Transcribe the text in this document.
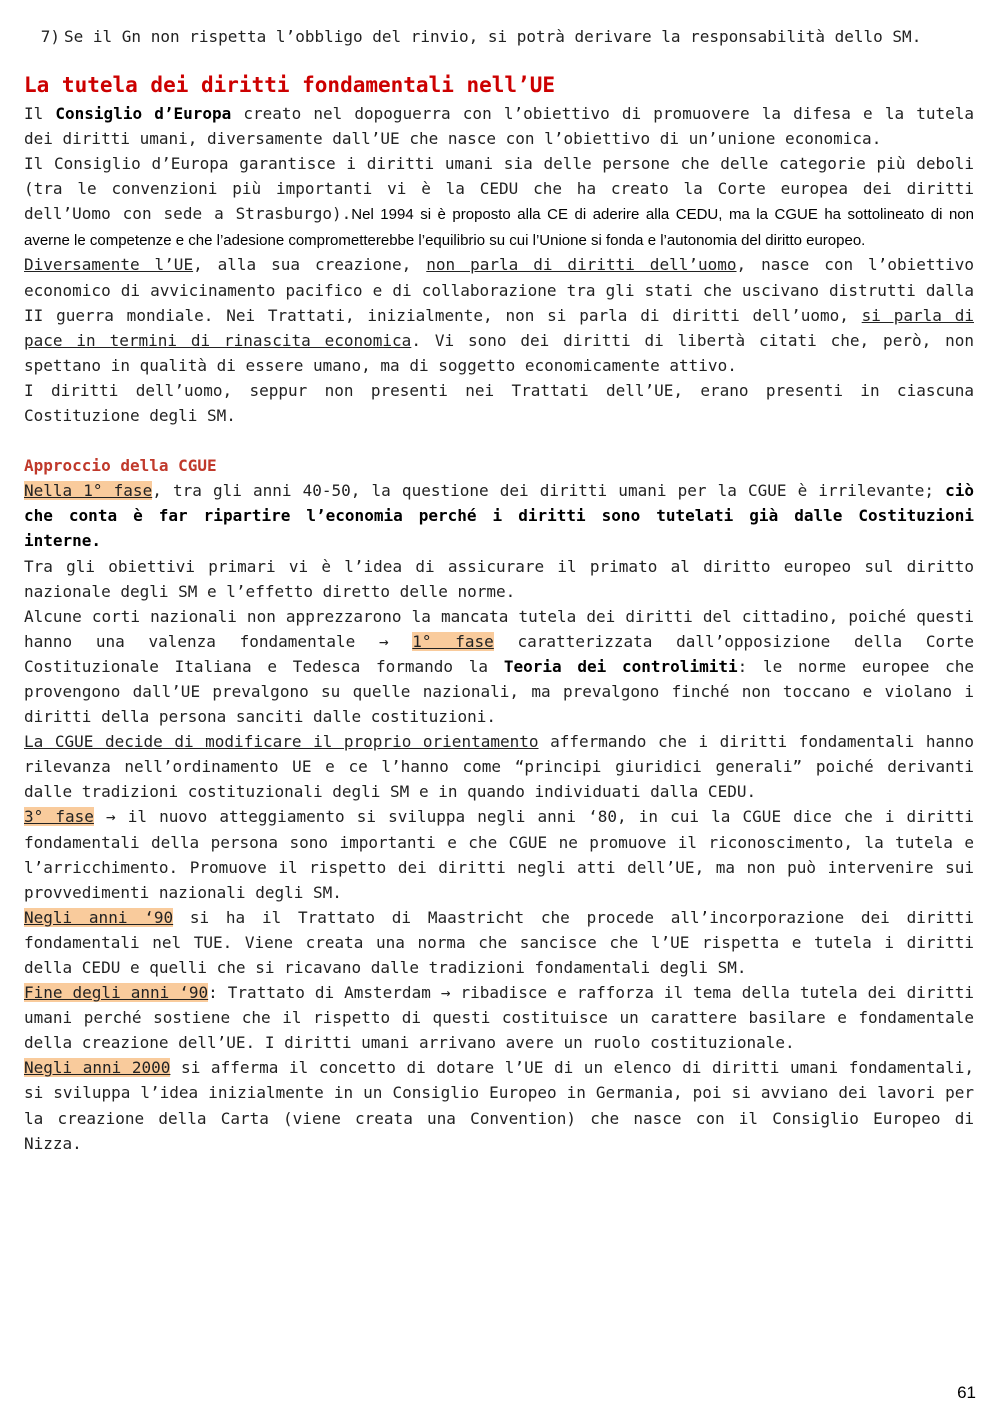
7) Se il Gn non rispetta l’obbligo del rinvio, si potrà derivare la responsabilità dello SM.
La tutela dei diritti fondamentali nell’UE

Il Consiglio d’Europa creato nel dopoguerra con l’obiettivo di promuovere la difesa e la tutela dei diritti umani, diversamente dall’UE che nasce con l’obiettivo di un’unione economica.

Il Consiglio d’Europa garantisce i diritti umani sia delle persone che delle categorie più deboli (tra le convenzioni più importanti vi è la CEDU che ha creato la Corte europea dei diritti dell’Uomo con sede a Strasburgo).Nel 1994 si è proposto alla CE di aderire alla CEDU, ma la CGUE ha sottolineato di non averne le competenze e che l’adesione comprometterebbe l’equilibrio su cui l’Unione si fonda e l’autonomia del diritto europeo.

Diversamente l’UE, alla sua creazione, non parla di diritti dell’uomo, nasce con l’obiettivo economico di avvicinamento pacifico e di collaborazione tra gli stati che uscivano distrutti dalla II guerra mondiale. Nei Trattati, inizialmente, non si parla di diritti dell’uomo, si parla di pace in termini di rinascita economica. Vi sono dei diritti di libertà citati che, però, non spettano in qualità di essere umano, ma di soggetto economicamente attivo.

I diritti dell’uomo, seppur non presenti nei Trattati dell’UE, erano presenti in ciascuna Costituzione degli SM.

Approccio della CGUE

Nella 1° fase, tra gli anni 40-50, la questione dei diritti umani per la CGUE è irrilevante; ciò che conta è far ripartire l’economia perché i diritti sono tutelati già dalle Costituzioni interne.

Tra gli obiettivi primari vi è l’idea di assicurare il primato al diritto europeo sul diritto nazionale degli SM e l’effetto diretto delle norme.

Alcune corti nazionali non apprezzarono la mancata tutela dei diritti del cittadino, poiché questi hanno una valenza fondamentale → 1° fase caratterizzata dall’opposizione della Corte Costituzionale Italiana e Tedesca formando la Teoria dei controlimiti: le norme europee che provengono dall’UE prevalgono su quelle nazionali, ma prevalgono finché non toccano e violano i diritti della persona sanciti dalle costituzioni.

La CGUE decide di modificare il proprio orientamento affermando che i diritti fondamentali hanno rilevanza nell’ordinamento UE e ce l’hanno come “principi giuridici generali” poiché derivanti dalle tradizioni costituzionali degli SM e in quando individuati dalla CEDU.

3° fase → il nuovo atteggiamento si sviluppa negli anni ‘80, in cui la CGUE dice che i diritti fondamentali della persona sono importanti e che CGUE ne promuove il riconoscimento, la tutela e l’arricchimento. Promuove il rispetto dei diritti negli atti dell’UE, ma non può intervenire sui provvedimenti nazionali degli SM.

Negli anni ‘90 si ha il Trattato di Maastricht che procede all’incorporazione dei diritti fondamentali nel TUE. Viene creata una norma che sancisce che l’UE rispetta e tutela i diritti della CEDU e quelli che si ricavano dalle tradizioni fondamentali degli SM.

Fine degli anni ‘90: Trattato di Amsterdam → ribadisce e rafforza il tema della tutela dei diritti umani perché sostiene che il rispetto di questi costituisce un carattere basilare e fondamentale della creazione dell’UE. I diritti umani arrivano avere un ruolo costituzionale.

Negli anni 2000 si afferma il concetto di dotare l’UE di un elenco di diritti umani fondamentali, si sviluppa l’idea inizialmente in un Consiglio Europeo in Germania, poi si avviano dei lavori per la creazione della Carta (viene creata una Convention) che nasce con il Consiglio Europeo di Nizza.

61
